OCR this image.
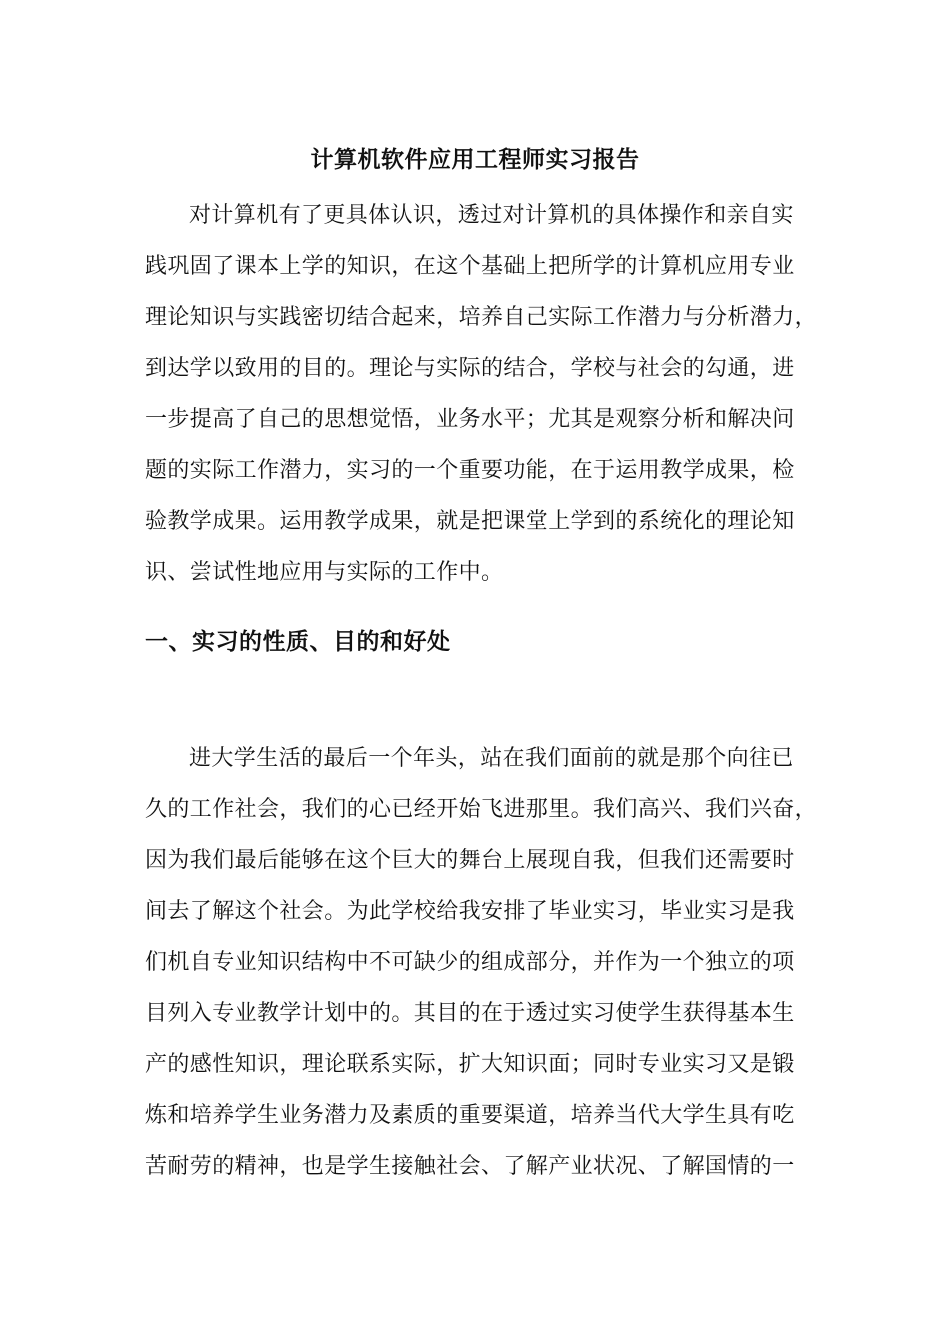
计算机软件应用工程师实习报告
对计算机有了更具体认识，透过对计算机的具体操作和亲自实
践巩固了课本上学的知识，在这个基础上把所学的计算机应用专业
理论知识与实践密切结合起来，培养自己实际工作潜力与分析潜力，
到达学以致用的目的。理论与实际的结合，学校与社会的勾通，进
一步提高了自己的思想觉悟，业务水平；尤其是观察分析和解决问
题的实际工作潜力，实习的一个重要功能，在于运用教学成果，检
验教学成果。运用教学成果，就是把课堂上学到的系统化的理论知
识、尝试性地应用与实际的工作中。
一、实习的性质、目的和好处
进大学生活的最后一个年头，站在我们面前的就是那个向往已
久的工作社会，我们的心已经开始飞进那里。我们高兴、我们兴奋，
因为我们最后能够在这个巨大的舞台上展现自我，但我们还需要时
间去了解这个社会。为此学校给我安排了毕业实习，毕业实习是我
们机自专业知识结构中不可缺少的组成部分，并作为一个独立的项
目列入专业教学计划中的。其目的在于透过实习使学生获得基本生
产的感性知识，理论联系实际，扩大知识面；同时专业实习又是锻
炼和培养学生业务潜力及素质的重要渠道，培养当代大学生具有吃
苦耐劳的精神，也是学生接触社会、了解产业状况、了解国情的一
